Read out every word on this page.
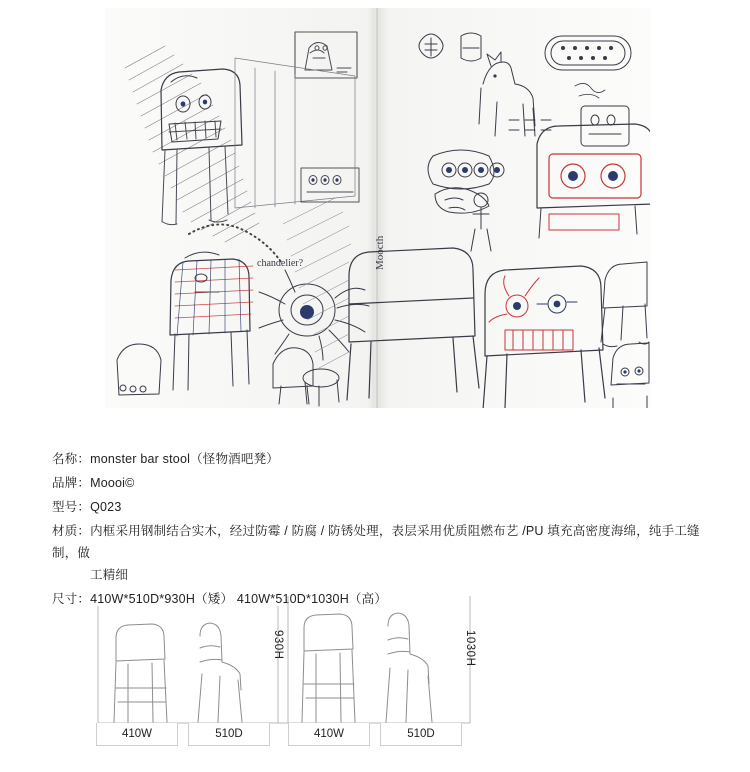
Moocth
chandelier?
名称：monster bar stool（怪物酒吧凳）
品牌：Moooi©
型号：Q023
材质：内框采用钢制结合实木，经过防霉 / 防腐 / 防锈处理，表层采用优质阻燃布艺 /PU 填充高密度海绵，纯手工缝制，做
工精细
尺寸：410W*510D*930H（矮） 410W*510D*1030H（高）
930H	1030H
410W	510D	410W	510D
